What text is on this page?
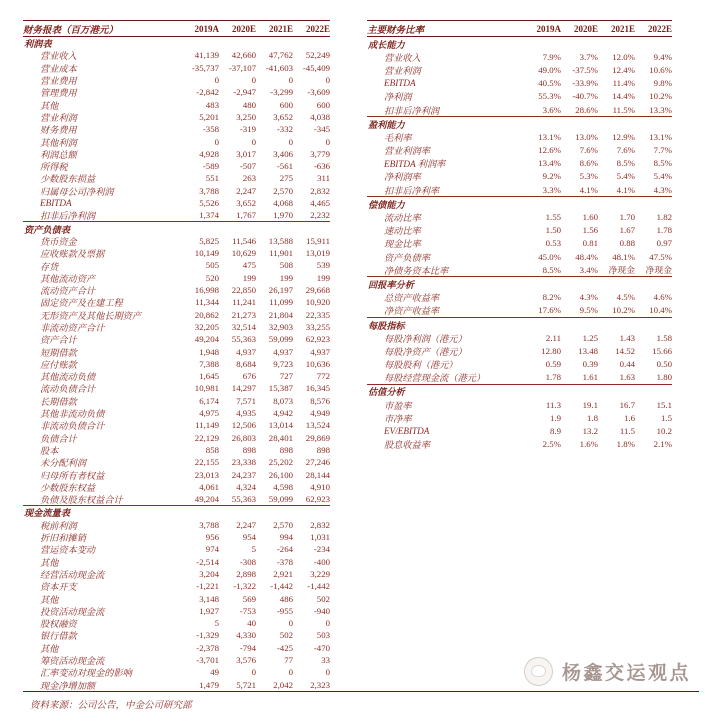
财务报表（百万港元）	2019A	2020E	2021E	2022E
利润表
营业收入	41,139	42,660	47,762	52,249
营业成本	-35,737	-37,107	-41,603	-45,409
营业费用	0	0	0	0
管理费用	-2,842	-2,947	-3,299	-3,609
其他	483	480	600	600
营业利润	5,201	3,250	3,652	4,038
财务费用	-358	-319	-332	-345
其他利润	0	0	0	0
利润总额	4,928	3,017	3,406	3,779
所得税	-589	-507	-561	-636
少数股东损益	551	263	275	311
归属母公司净利润	3,788	2,247	2,570	2,832
EBITDA	5,526	3,652	4,068	4,465
扣非后净利润	1,374	1,767	1,970	2,232
资产负债表
货币资金	5,825	11,546	13,588	15,911
应收账款及票据	10,149	10,629	11,901	13,019
存货	505	475	508	539
其他流动资产	520	199	199	199
流动资产合计	16,998	22,850	26,197	29,668
固定资产及在建工程	11,344	11,241	11,099	10,920
无形资产及其他长期资产	20,862	21,273	21,804	22,335
非流动资产合计	32,205	32,514	32,903	33,255
资产合计	49,204	55,363	59,099	62,923
短期借款	1,948	4,937	4,937	4,937
应付账款	7,388	8,684	9,723	10,636
其他流动负债	1,645	676	727	772
流动负债合计	10,981	14,297	15,387	16,345
长期借款	6,174	7,571	8,073	8,576
其他非流动负债	4,975	4,935	4,942	4,949
非流动负债合计	11,149	12,506	13,014	13,524
负债合计	22,129	26,803	28,401	29,869
股本	858	898	898	898
未分配利润	22,155	23,338	25,202	27,246
归母所有者权益	23,013	24,237	26,100	28,144
少数股东权益	4,061	4,324	4,598	4,910
负债及股东权益合计	49,204	55,363	59,099	62,923
现金流量表
税前利润	3,788	2,247	2,570	2,832
折旧和摊销	956	954	994	1,031
营运资本变动	974	5	-264	-234
其他	-2,514	-308	-378	-400
经营活动现金流	3,204	2,898	2,921	3,229
资本开支	-1,221	-1,322	-1,442	-1,442
其他	3,148	569	486	502
投资活动现金流	1,927	-753	-955	-940
股权融资	5	40	0	0
银行借款	-1,329	4,330	502	503
其他	-2,378	-794	-425	-470
筹资活动现金流	-3,701	3,576	77	33
汇率变动对现金的影响	49	0	0	0
现金净增加额	1,479	5,721	2,042	2,323
主要财务比率	2019A	2020E	2021E	2022E
成长能力
营业收入	7.9%	3.7%	12.0%	9.4%
营业利润	49.0%	-37.5%	12.4%	10.6%
EBITDA	40.5%	-33.9%	11.4%	9.8%
净利润	55.3%	-40.7%	14.4%	10.2%
扣非后净利润	3.6%	28.6%	11.5%	13.3%
盈利能力
毛利率	13.1%	13.0%	12.9%	13.1%
营业利润率	12.6%	7.6%	7.6%	7.7%
EBITDA 利润率	13.4%	8.6%	8.5%	8.5%
净利润率	9.2%	5.3%	5.4%	5.4%
扣非后净利率	3.3%	4.1%	4.1%	4.3%
偿债能力
流动比率	1.55	1.60	1.70	1.82
速动比率	1.50	1.56	1.67	1.78
现金比率	0.53	0.81	0.88	0.97
资产负债率	45.0%	48.4%	48.1%	47.5%
净债务资本比率	8.5%	3.4%	净现金	净现金
回报率分析
总资产收益率	8.2%	4.3%	4.5%	4.6%
净资产收益率	17.6%	9.5%	10.2%	10.4%
每股指标
每股净利润（港元）	2.11	1.25	1.43	1.58
每股净资产（港元）	12.80	13.48	14.52	15.66
每股股利（港元）	0.59	0.39	0.44	0.50
每股经营现金流（港元）	1.78	1.61	1.63	1.80
估值分析
市盈率	11.3	19.1	16.7	15.1
市净率	1.9	1.8	1.6	1.5
EV/EBITDA	8.9	13.2	11.5	10.2
股息收益率	2.5%	1.6%	1.8%	2.1%
资料来源：公司公告，中金公司研究部
杨鑫交运观点
